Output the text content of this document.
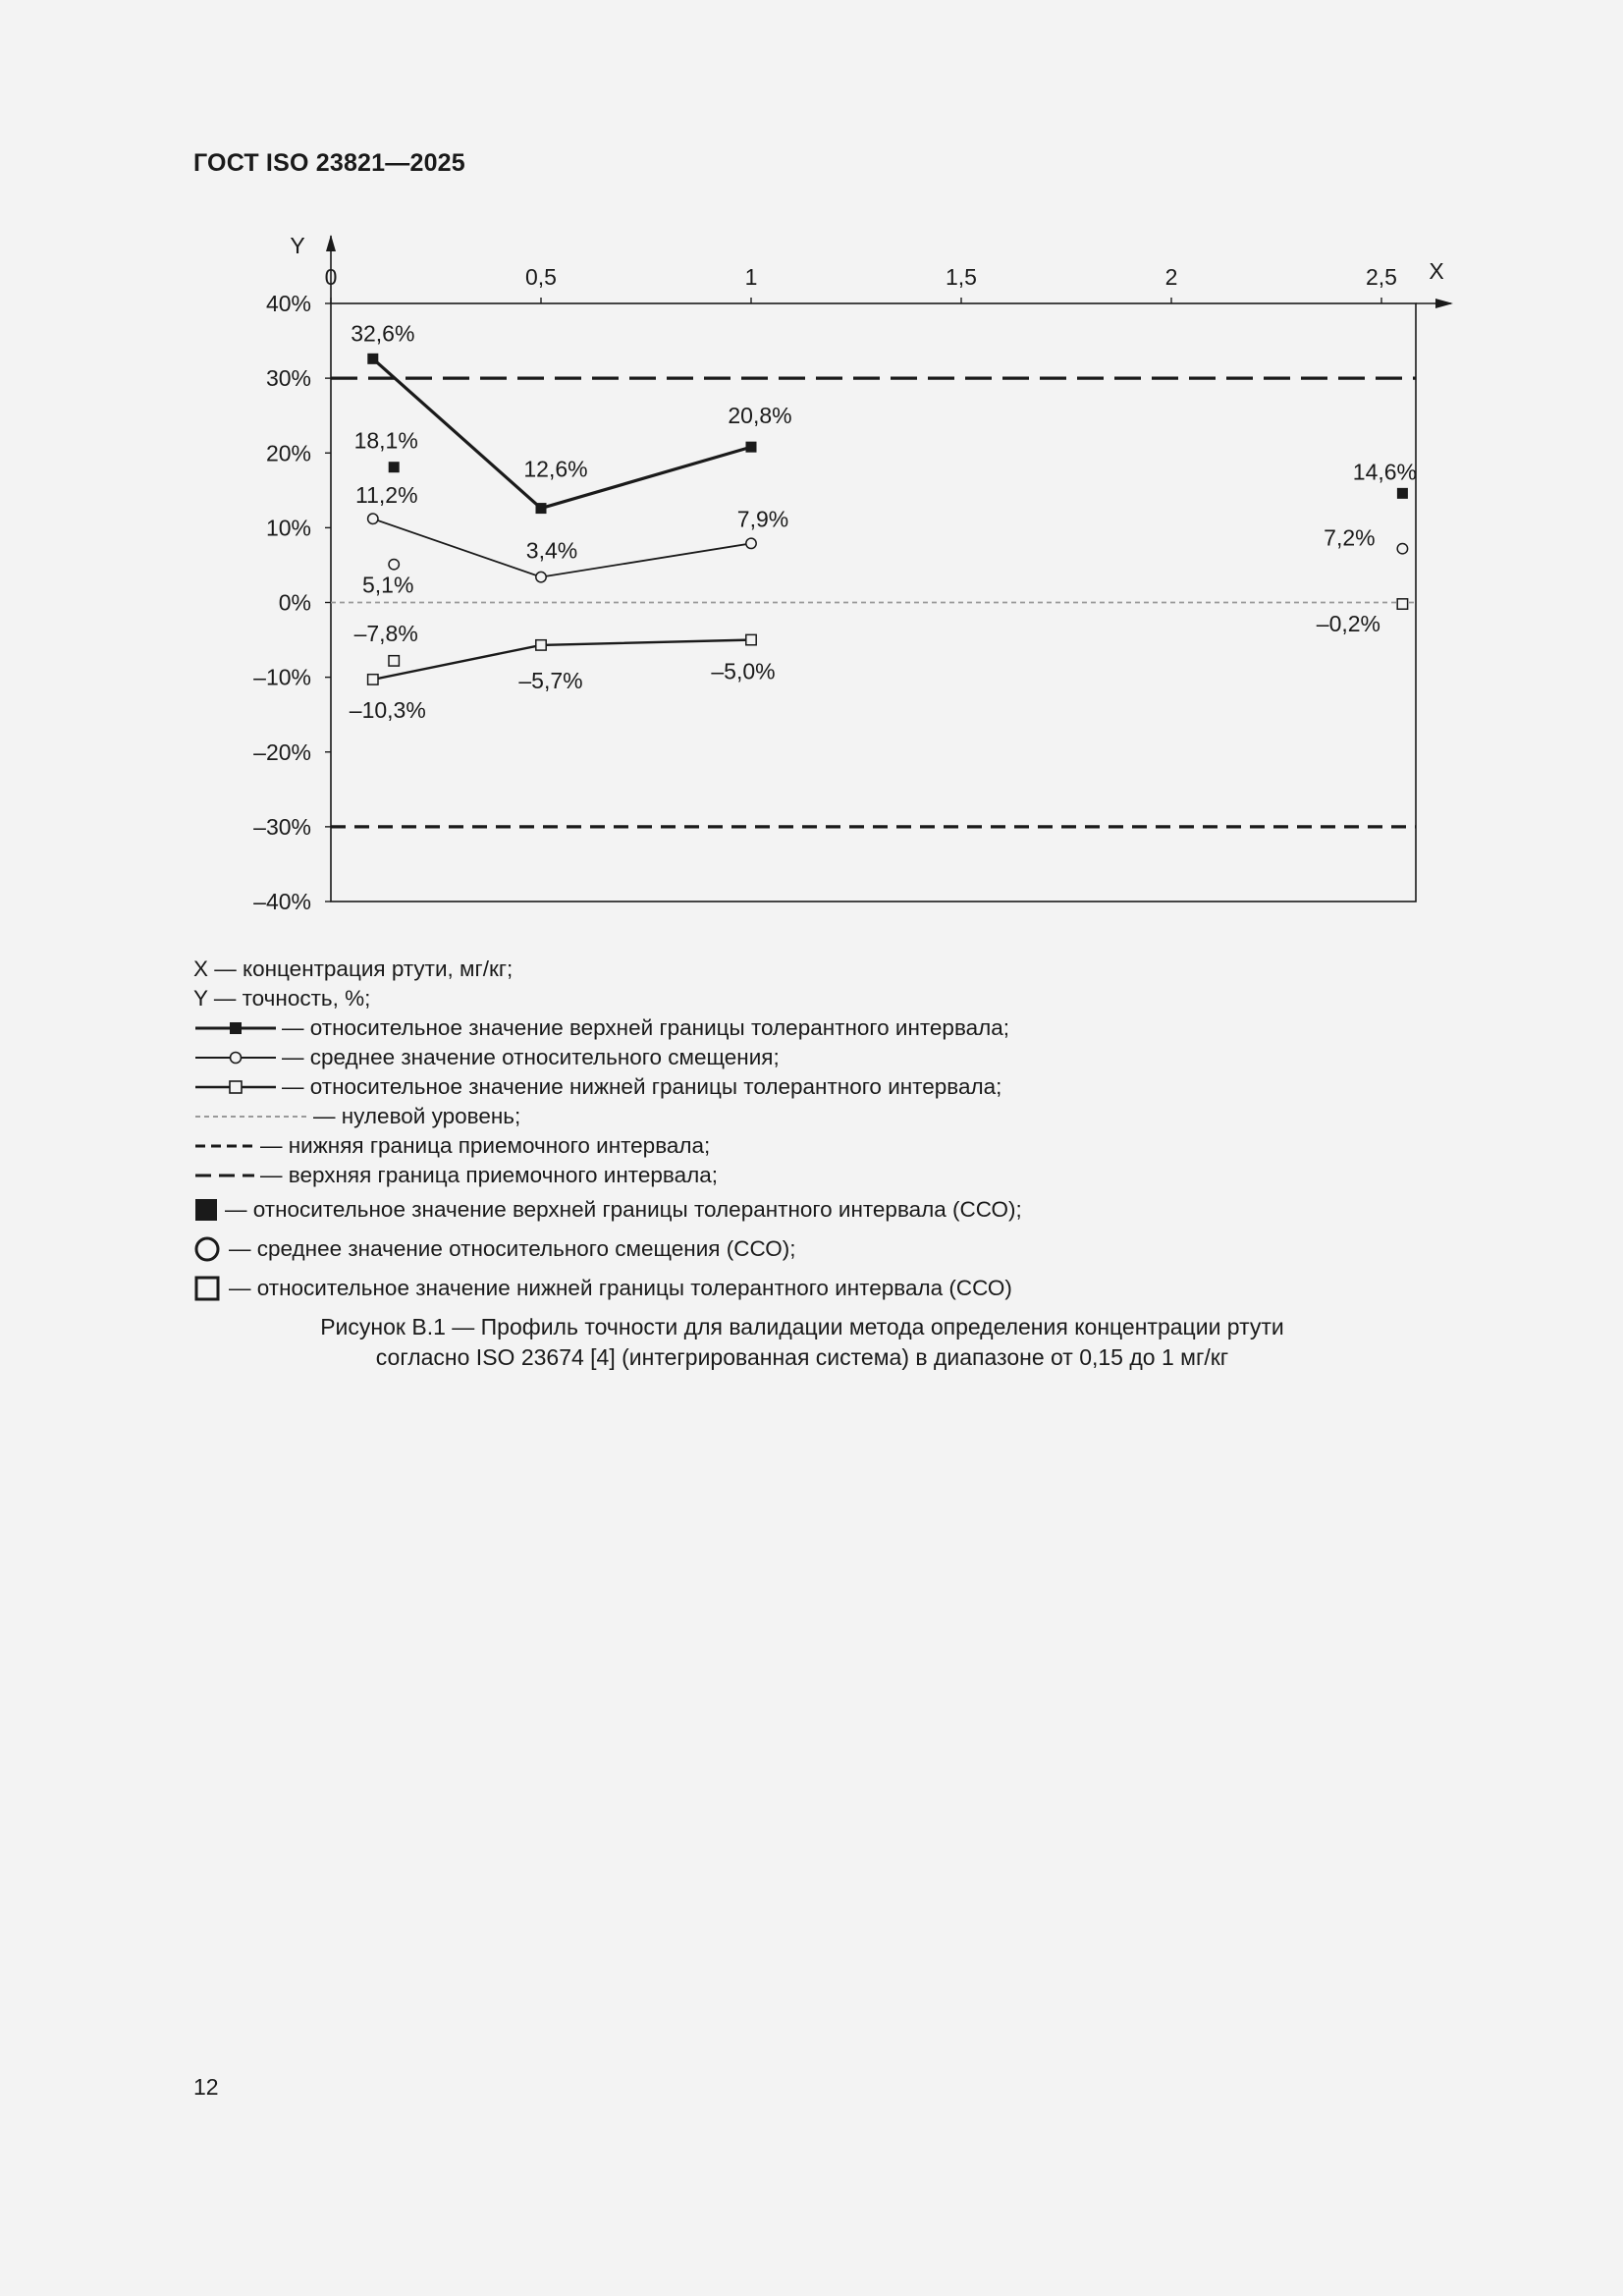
ГОСТ ISO 23821—2025
Y
X
0	0,5	1	1,5	2	2,5
40%
30%
20%
10%
0%
–10%
–20%
–30%
–40%
32,6%
12,6%
20,8%
11,2%
3,4%
7,9%
–10,3%
–5,7%	–5,0%
18,1%
14,6%
5,1%
7,2%
–7,8%	–0,2%
X — концентрация ртути, мг/кг;
Y — точность, %;
— относительное значение верхней границы толерантного интервала;
— среднее значение относительного смещения;
— относительное значение нижней границы толерантного интервала;
— нулевой уровень;
— нижняя граница приемочного интервала;
— верхняя граница приемочного интервала;
— относительное значение верхней границы толерантного интервала (ССО);
— среднее значение относительного смещения (ССО);
— относительное значение нижней границы толерантного интервала (ССО)
Рисунок В.1 — Профиль точности для валидации метода определения концентрации ртути
согласно ISO 23674 [4] (интегрированная система) в диапазоне от 0,15 до 1 мг/кг
12
